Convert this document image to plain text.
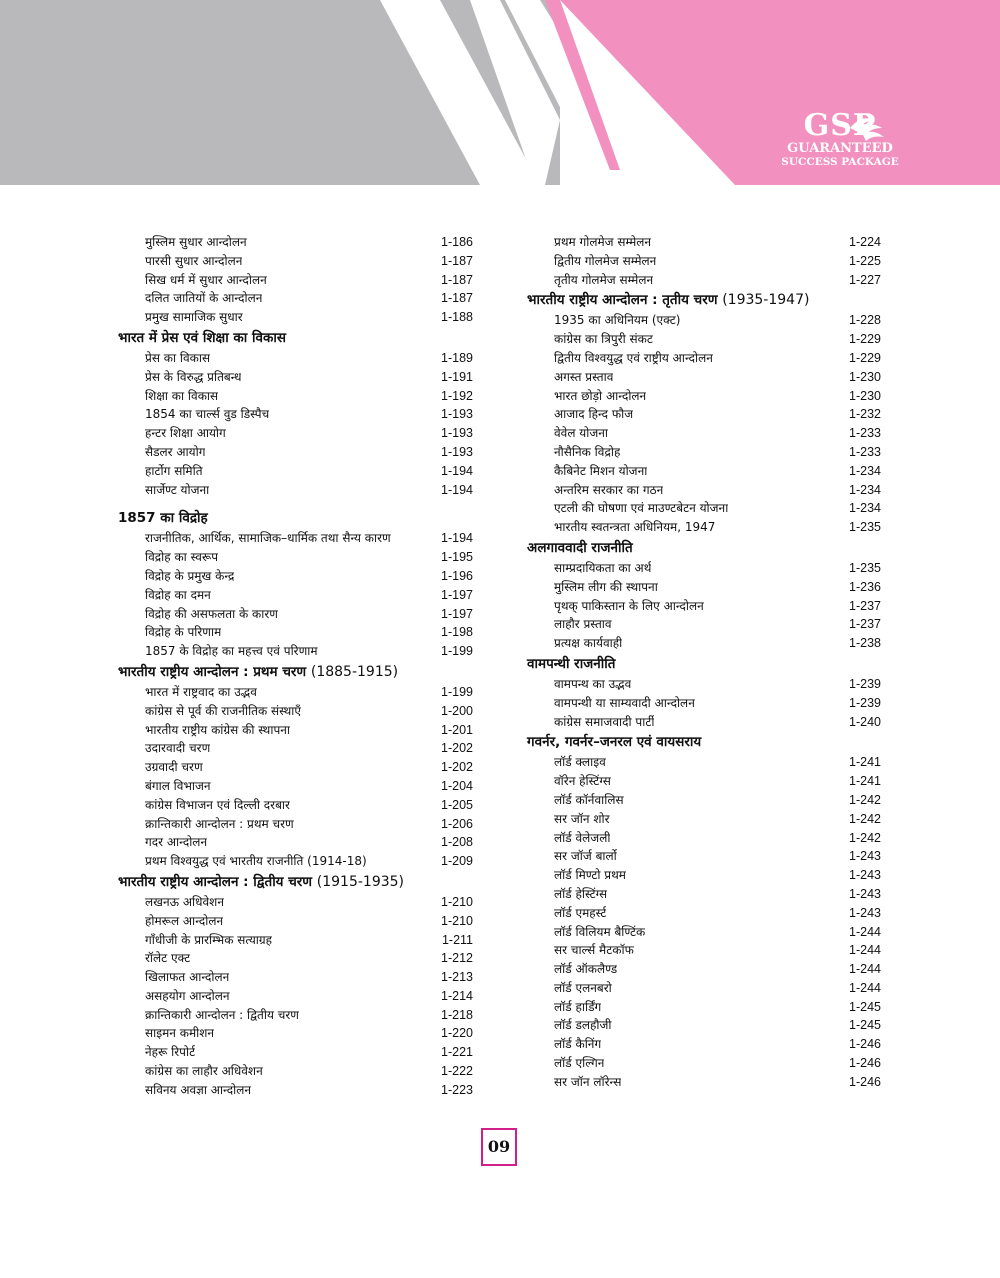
GSP
GUARANTEED
SUCCESS PACKAGE
मुस्लिम सुधार आन्दोलन	1-186
पारसी सुधार आन्दोलन	1-187
सिख धर्म में सुधार आन्दोलन	1-187
दलित जातियों के आन्दोलन	1-187
प्रमुख सामाजिक सुधार	1-188
भारत में प्रेस एवं शिक्षा का विकास
प्रेस का विकास	1-189
प्रेस के विरुद्ध प्रतिबन्ध	1-191
शिक्षा का विकास	1-192
1854 का चार्ल्स वुड डिस्पैच	1-193
हन्टर शिक्षा आयोग	1-193
सैडलर आयोग	1-193
हार्टोग समिति	1-194
सार्जेण्ट योजना	1-194
1857 का विद्रोह
राजनीतिक, आर्थिक, सामाजिक–धार्मिक तथा सैन्य कारण	1-194
विद्रोह का स्वरूप	1-195
विद्रोह के प्रमुख केन्द्र	1-196
विद्रोह का दमन	1-197
विद्रोह की असफलता के कारण	1-197
विद्रोह के परिणाम	1-198
1857 के विद्रोह का महत्त्व एवं परिणाम	1-199
भारतीय राष्ट्रीय आन्दोलन : प्रथम चरण (1885-1915)
भारत में राष्ट्रवाद का उद्भव	1-199
कांग्रेस से पूर्व की राजनीतिक संस्थाएँ	1-200
भारतीय राष्ट्रीय कांग्रेस की स्थापना	1-201
उदारवादी चरण	1-202
उग्रवादी चरण	1-202
बंगाल विभाजन	1-204
कांग्रेस विभाजन एवं दिल्ली दरबार	1-205
क्रान्तिकारी आन्दोलन : प्रथम चरण	1-206
गदर आन्दोलन	1-208
प्रथम विश्वयुद्ध एवं भारतीय राजनीति (1914-18)	1-209
भारतीय राष्ट्रीय आन्दोलन : द्वितीय चरण (1915-1935)
लखनऊ अधिवेशन	1-210
होमरूल आन्दोलन	1-210
गाँधीजी के प्रारम्भिक सत्याग्रह	1-211
रॉलेट एक्ट	1-212
खिलाफत आन्दोलन	1-213
असहयोग आन्दोलन	1-214
क्रान्तिकारी आन्दोलन : द्वितीय चरण	1-218
साइमन कमीशन	1-220
नेहरू रिपोर्ट	1-221
कांग्रेस का लाहौर अधिवेशन	1-222
सविनय अवज्ञा आन्दोलन	1-223
प्रथम गोलमेज सम्मेलन	1-224
द्वितीय गोलमेज सम्मेलन	1-225
तृतीय गोलमेज सम्मेलन	1-227
भारतीय राष्ट्रीय आन्दोलन : तृतीय चरण (1935-1947)
1935 का अधिनियम (एक्ट)	1-228
कांग्रेस का त्रिपुरी संकट	1-229
द्वितीय विश्वयुद्ध एवं राष्ट्रीय आन्दोलन	1-229
अगस्त प्रस्ताव	1-230
भारत छोड़ो आन्दोलन	1-230
आजाद हिन्द फौज	1-232
वेवेल योजना	1-233
नौसैनिक विद्रोह	1-233
कैबिनेट मिशन योजना	1-234
अन्तरिम सरकार का गठन	1-234
एटली की घोषणा एवं माउण्टबेटन योजना	1-234
भारतीय स्वतन्त्रता अधिनियम, 1947	1-235
अलगाववादी राजनीति
साम्प्रदायिकता का अर्थ	1-235
मुस्लिम लीग की स्थापना	1-236
पृथक् पाकिस्तान के लिए आन्दोलन	1-237
लाहौर प्रस्ताव	1-237
प्रत्यक्ष कार्यवाही	1-238
वामपन्थी राजनीति
वामपन्थ का उद्भव	1-239
वामपन्थी या साम्यवादी आन्दोलन	1-239
कांग्रेस समाजवादी पार्टी	1-240
गवर्नर, गवर्नर–जनरल एवं वायसराय
लॉर्ड क्लाइव	1-241
वॉरेन हेस्टिंग्स	1-241
लॉर्ड कॉर्नवालिस	1-242
सर जॉन शोर	1-242
लॉर्ड वेलेजली	1-242
सर जॉर्ज बार्लो	1-243
लॉर्ड मिण्टो प्रथम	1-243
लॉर्ड हेस्टिंग्स	1-243
लॉर्ड एमहर्स्ट	1-243
लॉर्ड विलियम बैण्टिंक	1-244
सर चार्ल्स मैटकॉफ	1-244
लॉर्ड ऑकलैण्ड	1-244
लॉर्ड एलनबरो	1-244
लॉर्ड हार्डिंग	1-245
लॉर्ड डलहौजी	1-245
लॉर्ड कैनिंग	1-246
लॉर्ड एल्गिन	1-246
सर जॉन लॉरेन्स	1-246
09
